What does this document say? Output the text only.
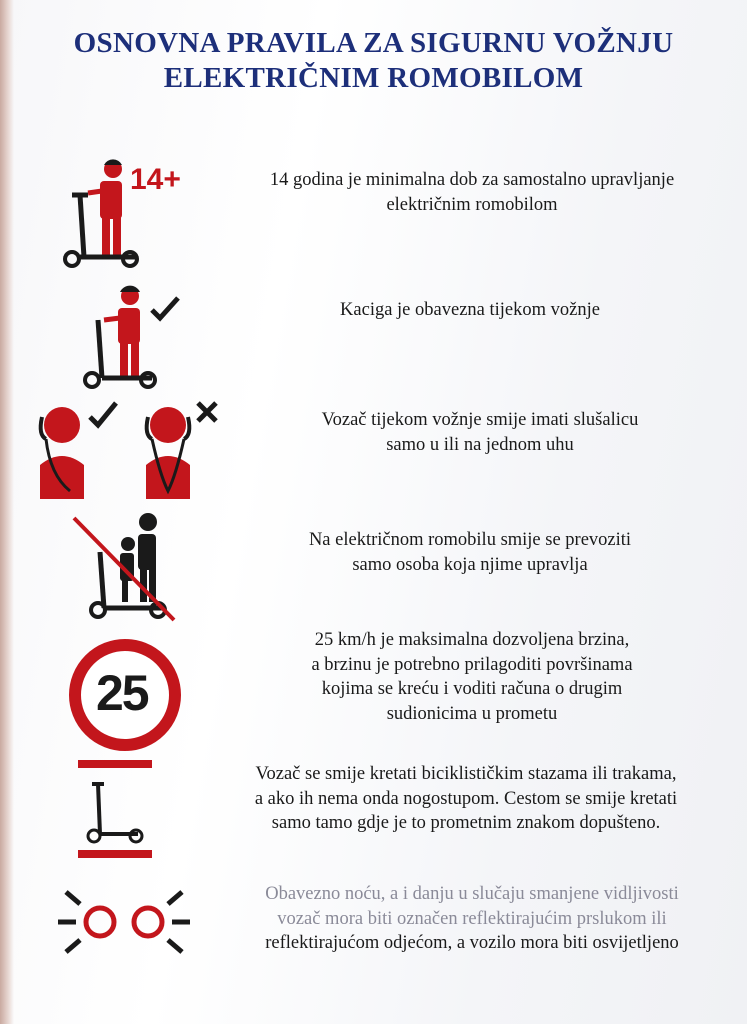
OSNOVNA PRAVILA ZA SIGURNU VOŽNJU
ELEKTRIČNIM ROMOBILOM
14+	14 godina je minimalna dob za samostalno upravljanje
električnim romobilom
Kaciga je obavezna tijekom vožnje
Vozač tijekom vožnje smije imati slušalicu
samo u ili na jednom uhu
Na električnom romobilu smije se prevoziti
samo osoba koja njime upravlja
25
25 km/h je maksimalna dozvoljena brzina,
a brzinu je potrebno prilagoditi površinama
kojima se kreću i voditi računa o drugim
sudionicima u prometu
Vozač se smije kretati biciklističkim stazama ili trakama,
a ako ih nema onda nogostupom. Cestom se smije kretati
samo tamo gdje je to prometnim znakom dopušteno.
Obavezno noću, a i danju u slučaju smanjene vidljivosti
vozač mora biti označen reflektirajućim prslukom ili
reflektirajućom odjećom, a vozilo mora biti osvijetljeno
